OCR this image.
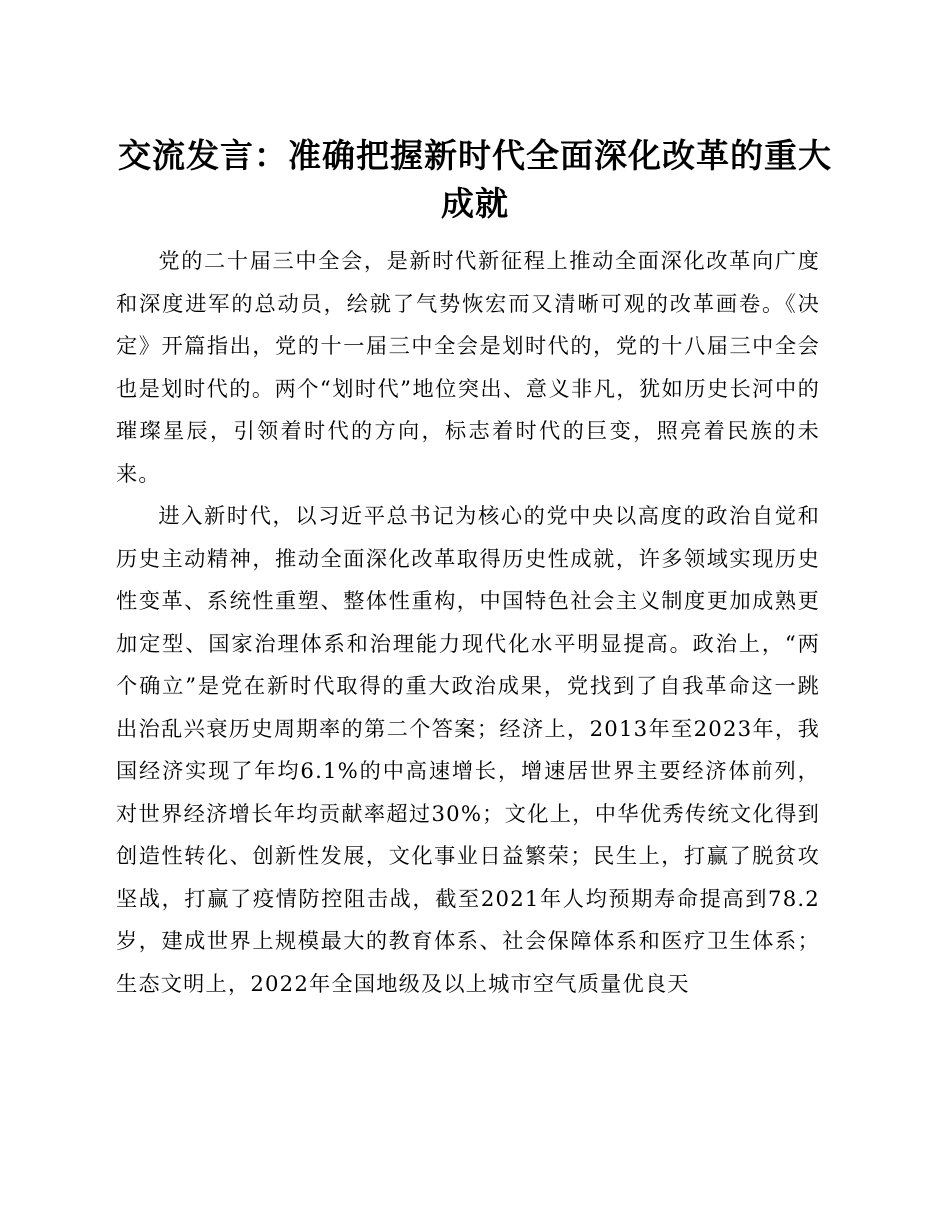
交流发言：准确把握新时代全面深化改革的重大成就

党的二十届三中全会，是新时代新征程上推动全面深化改革向广度和深度进军的总动员，绘就了气势恢宏而又清晰可观的改革画卷。《决定》开篇指出，党的十一届三中全会是划时代的，党的十八届三中全会也是划时代的。两个“划时代”地位突出、意义非凡，犹如历史长河中的璀璨星辰，引领着时代的方向，标志着时代的巨变，照亮着民族的未来。

进入新时代，以习近平总书记为核心的党中央以高度的政治自觉和历史主动精神，推动全面深化改革取得历史性成就，许多领域实现历史性变革、系统性重塑、整体性重构，中国特色社会主义制度更加成熟更加定型、国家治理体系和治理能力现代化水平明显提高。政治上，“两个确立”是党在新时代取得的重大政治成果，党找到了自我革命这一跳出治乱兴衰历史周期率的第二个答案；经济上，2013年至2023年，我国经济实现了年均6.1%的中高速增长，增速居世界主要经济体前列，对世界经济增长年均贡献率超过30%；文化上，中华优秀传统文化得到创造性转化、创新性发展，文化事业日益繁荣；民生上，打赢了脱贫攻坚战，打赢了疫情防控阻击战，截至2021年人均预期寿命提高到78.2岁，建成世界上规模最大的教育体系、社会保障体系和医疗卫生体系；生态文明上，2022年全国地级及以上城市空气质量优良天
